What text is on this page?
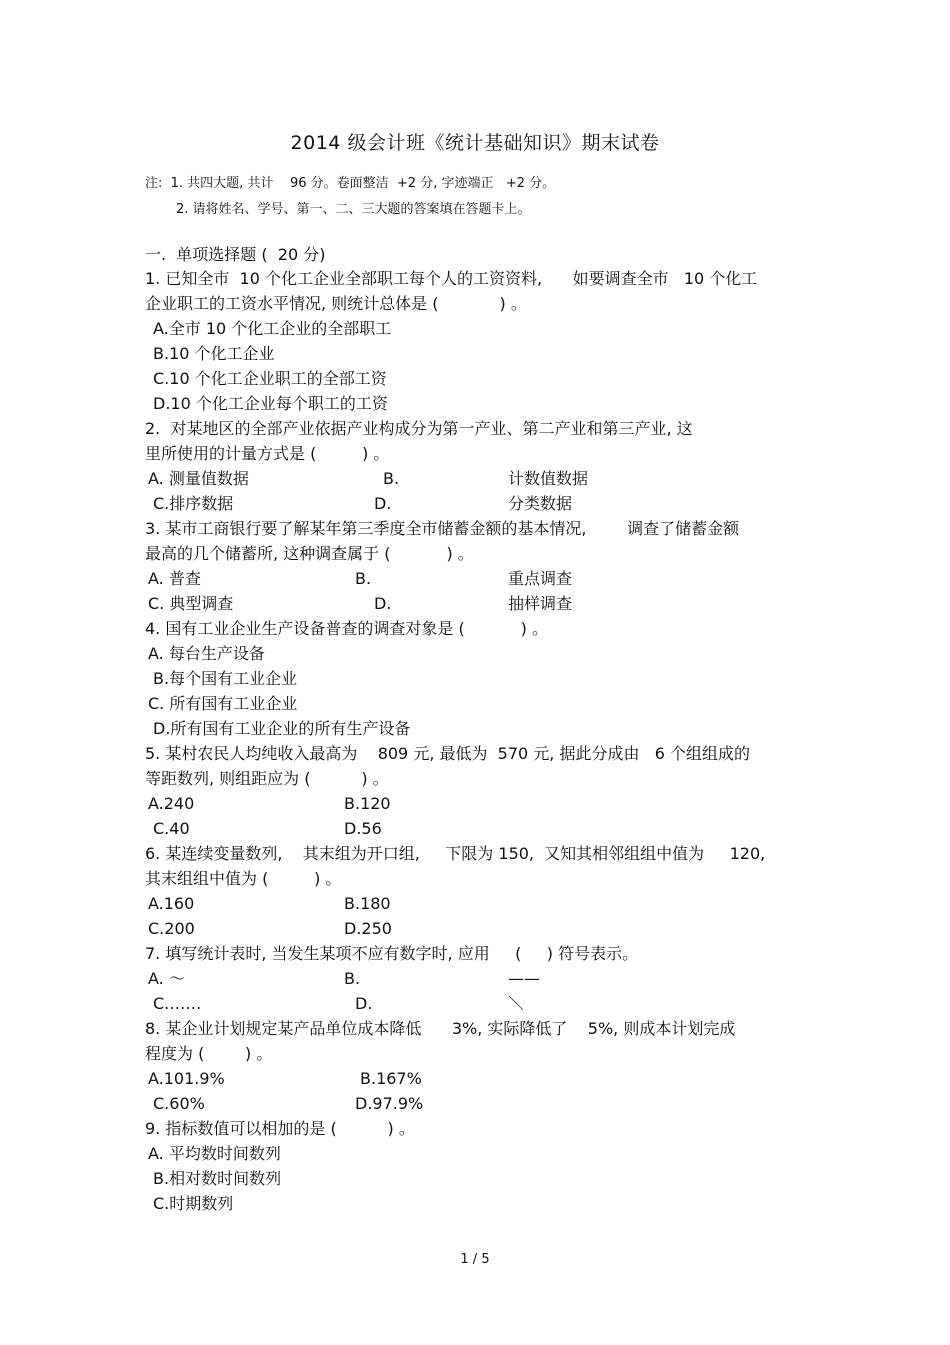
2014 级会计班《统计基础知识》期末试卷
注:  1. 共四大题, 共计    96 分。卷面整洁  +2 分, 字迹端正   +2 分。
2. 请将姓名、学号、第一、二、三大题的答案填在答题卡上。
一.  单项选择题 (  20 分)
1. 已知全市  10 个化工企业全部职工每个人的工资资料,      如要调查全市   10 个化工
企业职工的工资水平情况, 则统计总体是 (            ) 。
A.全市 10 个化工企业的全部职工
B.10 个化工企业
C.10 个化工企业职工的全部工资
D.10 个化工企业每个职工的工资
2.  对某地区的全部产业依据产业构成分为第一产业、第二产业和第三产业, 这
里所使用的计量方式是 (         ) 。
A. 测量值数据	B.	计数值数据
C.排序数据	D.	分类数据
3. 某市工商银行要了解某年第三季度全市储蓄金额的基本情况,        调查了储蓄金额
最高的几个储蓄所, 这种调查属于 (           ) 。
A. 普查	B.	重点调查
C. 典型调查	D.	抽样调查
4. 国有工业企业生产设备普查的调查对象是 (           ) 。
A. 每台生产设备
B.每个国有工业企业
C. 所有国有工业企业
D.所有国有工业企业的所有生产设备
5. 某村农民人均纯收入最高为    809 元, 最低为  570 元, 据此分成由   6 个组组成的
等距数列, 则组距应为 (          ) 。
A.240	B.120
C.40	D.56
6. 某连续变量数列,    其末组为开口组,     下限为 150,  又知其相邻组组中值为     120,
其末组组中值为 (         ) 。
A.160	B.180
C.200	D.250
7. 填写统计表时, 当发生某项不应有数字时, 应用     (     ) 符号表示。
A. ～	B.	——
C.……	D.	＼
8. 某企业计划规定某产品单位成本降低      3%, 实际降低了    5%, 则成本计划完成
程度为 (        ) 。
A.101.9%	B.167%
C.60%	D.97.9%
9. 指标数值可以相加的是 (          ) 。
A. 平均数时间数列
B.相对数时间数列
C.时期数列
1 / 5
